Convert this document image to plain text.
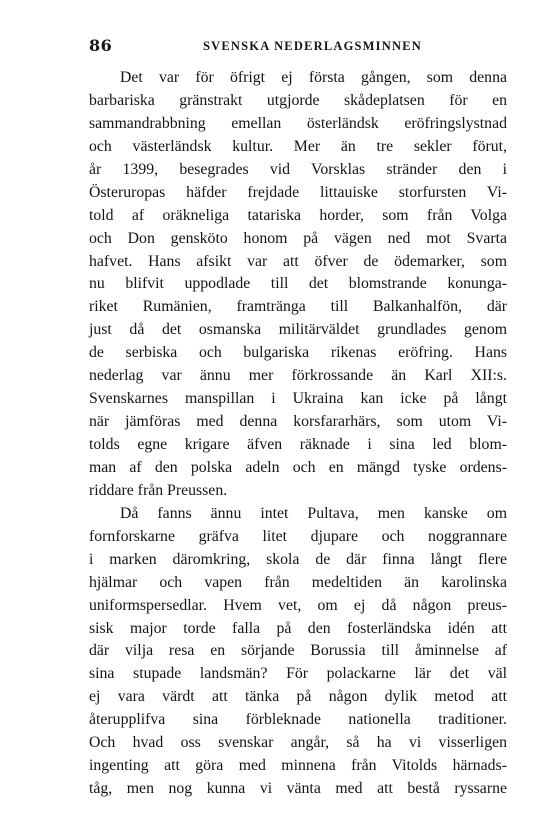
86	SVENSKA NEDERLAGSMINNEN
Det var för öfrigt ej första gången, som denna
barbariska gränstrakt utgjorde skådeplatsen för en
sammandrabbning emellan österländsk eröfringslystnad
och västerländsk kultur. Mer än tre sekler förut,
år 1399, besegrades vid Vorsklas stränder den i
Österuropas häfder frejdade littauiske storfursten Vi-
told af oräkneliga tatariska horder, som från Volga
och Don gensköto honom på vägen ned mot Svarta
hafvet. Hans afsikt var att öfver de ödemarker, som
nu blifvit uppodlade till det blomstrande konunga-
riket Rumänien, framtränga till Balkanhalfön, där
just då det osmanska militärväldet grundlades genom
de serbiska och bulgariska rikenas eröfring. Hans
nederlag var ännu mer förkrossande än Karl XII:s.
Svenskarnes manspillan i Ukraina kan icke på långt
när jämföras med denna korsfararhärs, som utom Vi-
tolds egne krigare äfven räknade i sina led blom-
man af den polska adeln och en mängd tyske ordens-
riddare från Preussen.
Då fanns ännu intet Pultava, men kanske om
fornforskarne gräfva litet djupare och noggrannare
i marken däromkring, skola de där finna långt flere
hjälmar och vapen från medeltiden än karolinska
uniformspersedlar. Hvem vet, om ej då någon preus-
sisk major torde falla på den fosterländska idén att
där vilja resa en sörjande Borussia till åminnelse af
sina stupade landsmän? För polackarne lär det väl
ej vara värdt att tänka på någon dylik metod att
återupplifva sina förbleknade nationella traditioner.
Och hvad oss svenskar angår, så ha vi visserligen
ingenting att göra med minnena från Vitolds härnads-
tåg, men nog kunna vi vänta med att bestå ryssarne
